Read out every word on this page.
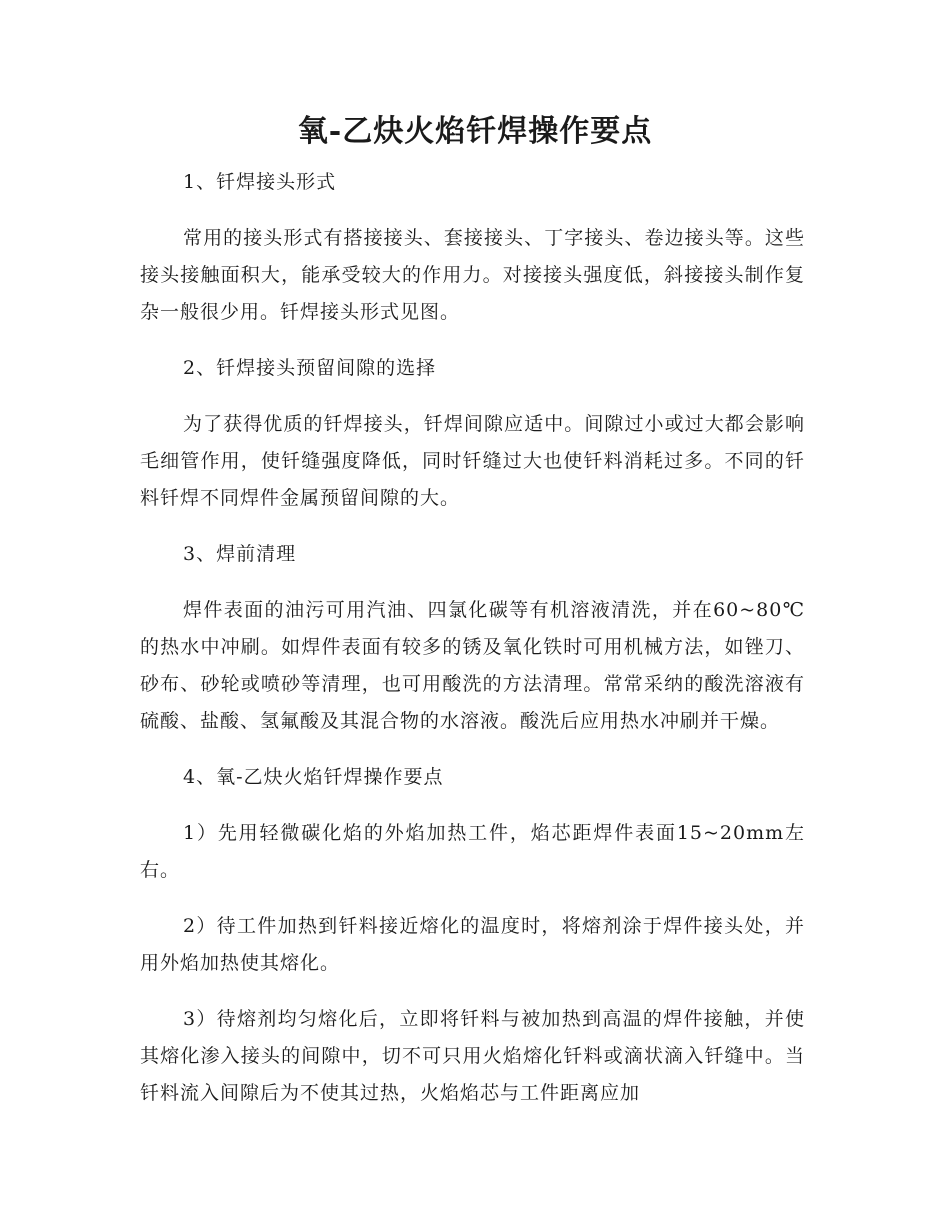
氧-乙炔火焰钎焊操作要点

1、钎焊接头形式

常用的接头形式有搭接接头、套接接头、丁字接头、卷边接头等。这些接头接触面积大，能承受较大的作用力。对接接头强度低，斜接接头制作复杂一般很少用。钎焊接头形式见图。

2、钎焊接头预留间隙的选择

为了获得优质的钎焊接头，钎焊间隙应适中。间隙过小或过大都会影响毛细管作用，使钎缝强度降低，同时钎缝过大也使钎料消耗过多。不同的钎料钎焊不同焊件金属预留间隙的大。

3、焊前清理

焊件表面的油污可用汽油、四氯化碳等有机溶液清洗，并在60~80℃ 的热水中冲刷。如焊件表面有较多的锈及氧化铁时可用机械方法，如锉刀、砂布、砂轮或喷砂等清理，也可用酸洗的方法清理。常常采纳的酸洗溶液有硫酸、盐酸、氢氟酸及其混合物的水溶液。酸洗后应用热水冲刷并干燥。

4、氧-乙炔火焰钎焊操作要点

1）先用轻微碳化焰的外焰加热工件，焰芯距焊件表面15~20mm左右。

2）待工件加热到钎料接近熔化的温度时，将熔剂涂于焊件接头处，并用外焰加热使其熔化。

3）待熔剂均匀熔化后，立即将钎料与被加热到高温的焊件接触，并使其熔化渗入接头的间隙中，切不可只用火焰熔化钎料或滴状滴入钎缝中。当钎料流入间隙后为不使其过热，火焰焰芯与工件距离应加
